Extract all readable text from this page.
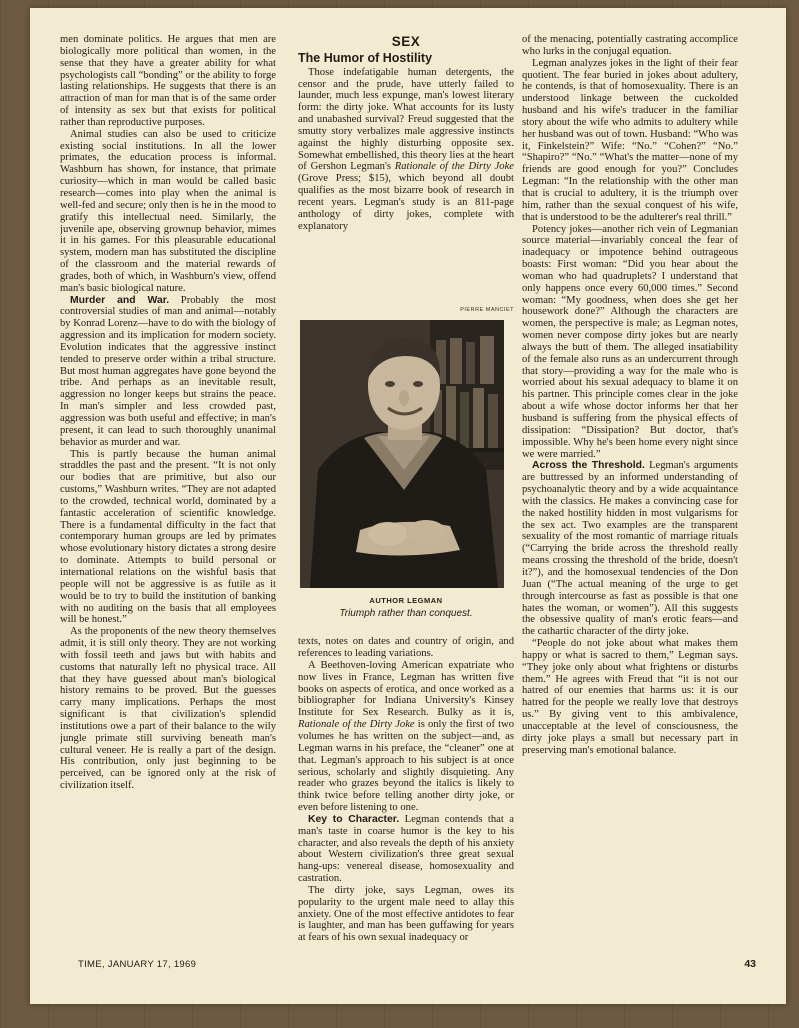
men dominate politics. He argues that men are biologically more political than women, in the sense that they have a greater ability for what psychologists call “bonding” or the ability to forge lasting relationships. He suggests that there is an attraction of man for man that is of the same order of intensity as sex but that exists for political rather than reproductive purposes.

Animal studies can also be used to criticize existing social institutions. In all the lower primates, the education process is informal. Washburn has shown, for instance, that primate curiosity—which in man would be called basic research—comes into play when the animal is well-fed and secure; only then is he in the mood to gratify this intellectual need. Similarly, the juvenile ape, observing grownup behavior, mimes it in his games. For this pleasurable educational system, modern man has substituted the discipline of the classroom and the material rewards of grades, both of which, in Washburn's view, offend man's basic biological nature.

Murder and War. Probably the most controversial studies of man and animal—notably by Konrad Lorenz—have to do with the biology of aggression and its implication for modern society. Evolution indicates that the aggressive instinct tended to preserve order within a tribal structure. But most human aggregates have gone beyond the tribe. And perhaps as an inevitable result, aggression no longer keeps but strains the peace. In man's simpler and less crowded past, aggression was both useful and effective; in man's present, it can lead to such thoroughly unanimal behavior as murder and war.

This is partly because the human animal straddles the past and the present. “It is not only our bodies that are primitive, but also our customs,” Washburn writes. “They are not adapted to the crowded, technical world, dominated by a fantastic acceleration of scientific knowledge. There is a fundamental difficulty in the fact that contemporary human groups are led by primates whose evolutionary history dictates a strong desire to dominate. Attempts to build personal or international relations on the wishful basis that people will not be aggressive is as futile as it would be to try to build the institution of banking with no auditing on the basis that all employees will be honest.”

As the proponents of the new theory themselves admit, it is still only theory. They are not working with fossil teeth and jaws but with habits and customs that naturally left no physical trace. All that they have guessed about man's biological history remains to be proved. But the guesses carry many implications. Perhaps the most significant is that civilization's splendid institutions owe a part of their balance to the wily jungle primate still surviving beneath man's cultural veneer. He is really a part of the design. His contribution, only just beginning to be perceived, can be ignored only at the risk of civilization itself.

SEX
The Humor of Hostility

Those indefatigable human detergents, the censor and the prude, have utterly failed to launder, much less expunge, man's lowest literary form: the dirty joke. What accounts for its lusty and unabashed survival? Freud suggested that the smutty story verbalizes male aggressive instincts against the highly disturbing opposite sex. Somewhat embellished, this theory lies at the heart of Gershon Legman's Rationale of the Dirty Joke (Grove Press; $15), which beyond all doubt qualifies as the most bizarre book of research in recent years. Legman's study is an 811-page anthology of dirty jokes, complete with explanatory

PIERRE MANCIET
AUTHOR LEGMAN
Triumph rather than conquest.

texts, notes on dates and country of origin, and references to leading variations.

A Beethoven-loving American expatriate who now lives in France, Legman has written five books on aspects of erotica, and once worked as a bibliographer for Indiana University's Kinsey Institute for Sex Research. Bulky as it is, Rationale of the Dirty Joke is only the first of two volumes he has written on the subject—and, as Legman warns in his preface, the “cleaner” one at that. Legman's approach to his subject is at once serious, scholarly and slightly disquieting. Any reader who grazes beyond the italics is likely to think twice before telling another dirty joke, or even before listening to one.

Key to Character. Legman contends that a man's taste in coarse humor is the key to his character, and also reveals the depth of his anxiety about Western civilization's three great sexual hang-ups: venereal disease, homosexuality and castration.

The dirty joke, says Legman, owes its popularity to the urgent male need to allay this anxiety. One of the most effective antidotes to fear is laughter, and man has been guffawing for years at fears of his own sexual inadequacy or

of the menacing, potentially castrating accomplice who lurks in the conjugal equation.

Legman analyzes jokes in the light of their fear quotient. The fear buried in jokes about adultery, he contends, is that of homosexuality. There is an understood linkage between the cuckolded husband and his wife's traducer in the familiar story about the wife who admits to adultery while her husband was out of town. Husband: “Who was it, Finkelstein?” Wife: “No.” “Cohen?” “No.” “Shapiro?” “No.” “What's the matter—none of my friends are good enough for you?” Concludes Legman: “In the relationship with the other man that is crucial to adultery, it is the triumph over him, rather than the sexual conquest of his wife, that is understood to be the adulterer's real thrill.”

Potency jokes—another rich vein of Legmanian source material—invariably conceal the fear of inadequacy or impotence behind outrageous boasts: First woman: “Did you hear about the woman who had quadruplets? I understand that only happens once every 60,000 times.” Second woman: “My goodness, when does she get her housework done?” Although the characters are women, the perspective is male; as Legman notes, women never compose dirty jokes but are nearly always the butt of them. The alleged insatiability of the female also runs as an undercurrent through that story—providing a way for the male who is worried about his sexual adequacy to blame it on his partner. This principle comes clear in the joke about a wife whose doctor informs her that her husband is suffering from the physical effects of dissipation: “Dissipation? But doctor, that's impossible. Why he's been home every night since we were married.”

Across the Threshold. Legman's arguments are buttressed by an informed understanding of psychoanalytic theory and by a wide acquaintance with the classics. He makes a convincing case for the naked hostility hidden in most vulgarisms for the sex act. Two examples are the transparent sexuality of the most romantic of marriage rituals (“Carrying the bride across the threshold really means crossing the threshold of the bride, doesn't it?”), and the homosexual tendencies of the Don Juan (“The actual meaning of the urge to get through intercourse as fast as possible is that one hates the woman, or women”). All this suggests the obsessive quality of man's erotic fears—and the cathartic character of the dirty joke.

“People do not joke about what makes them happy or what is sacred to them,” Legman says. “They joke only about what frightens or disturbs them.” He agrees with Freud that “it is not our hatred of our enemies that harms us: it is our hatred for the people we really love that destroys us.” By giving vent to this ambivalence, unacceptable at the level of consciousness, the dirty joke plays a small but necessary part in preserving man's emotional balance.

TIME, JANUARY 17, 1969	43
